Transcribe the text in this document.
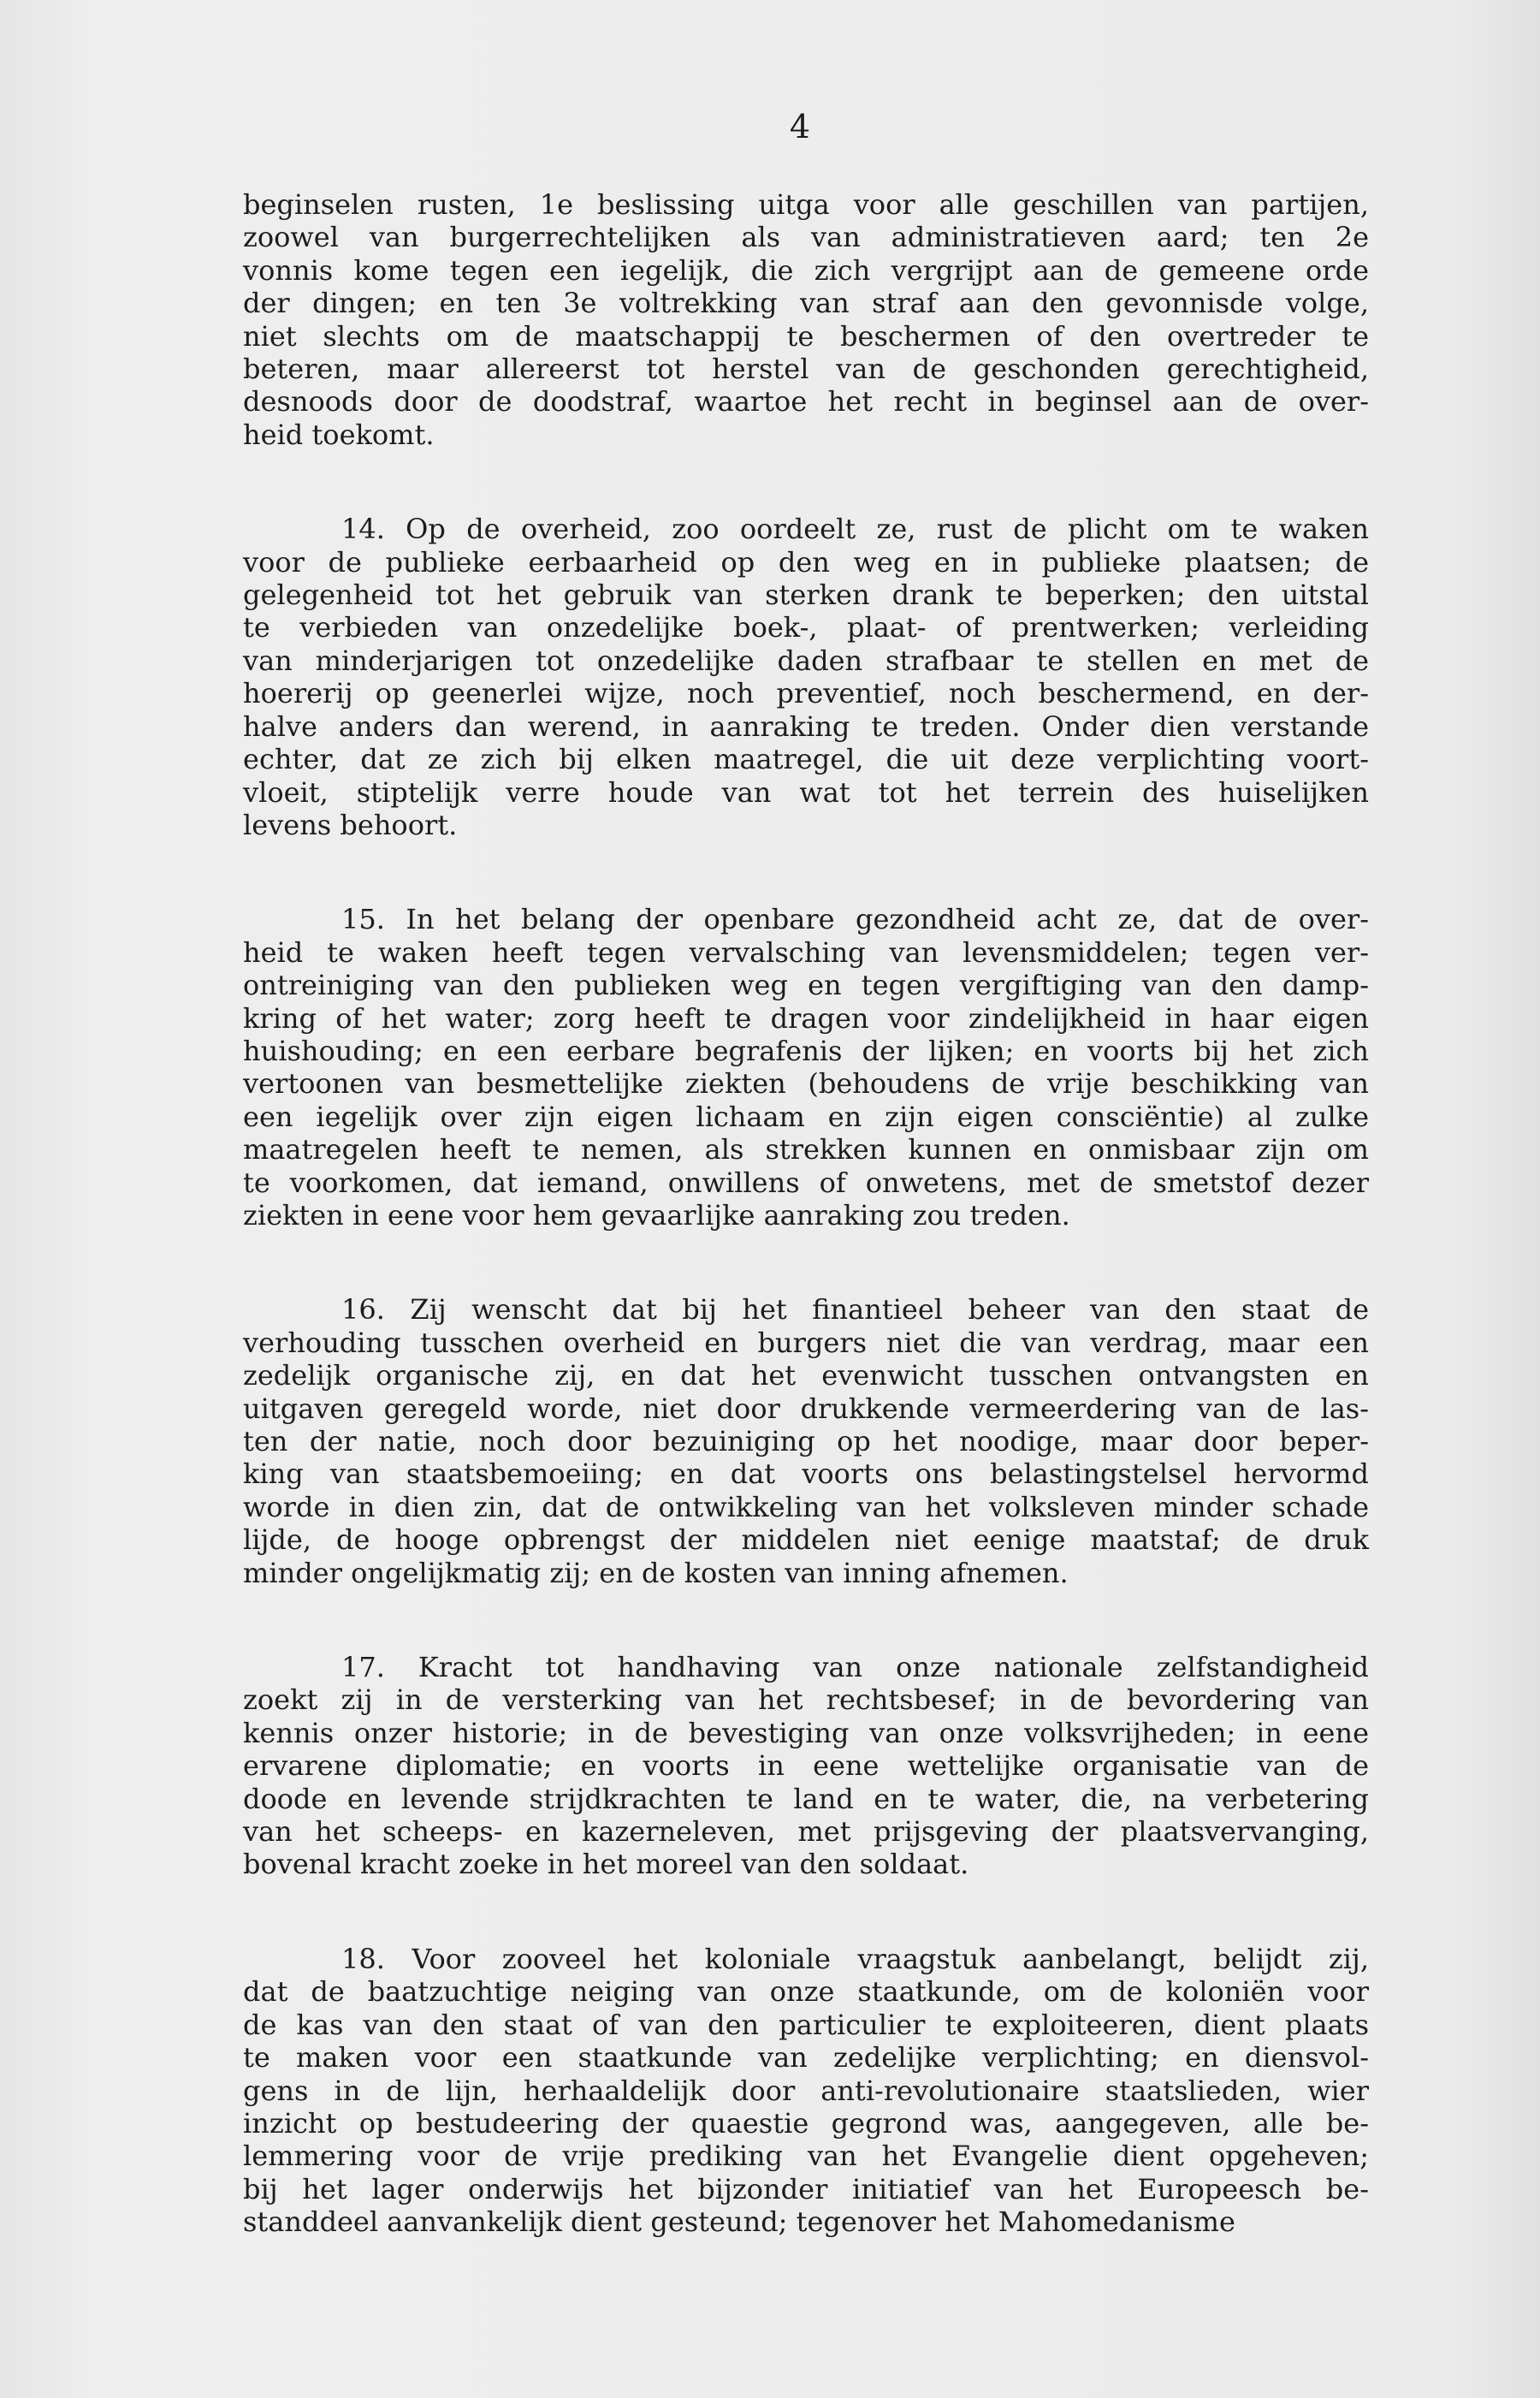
4

beginselen rusten, 1e beslissing uitga voor alle geschillen van partijen,
zoowel van burgerrechtelijken als van administratieven aard; ten 2e
vonnis kome tegen een iegelijk, die zich vergrijpt aan de gemeene orde
der dingen; en ten 3e voltrekking van straf aan den gevonnisde volge,
niet slechts om de maatschappij te beschermen of den overtreder te
beteren, maar allereerst tot herstel van de geschonden gerechtigheid,
desnoods door de doodstraf, waartoe het recht in beginsel aan de over-
heid toekomt.

14. Op de overheid, zoo oordeelt ze, rust de plicht om te waken
voor de publieke eerbaarheid op den weg en in publieke plaatsen; de
gelegenheid tot het gebruik van sterken drank te beperken; den uitstal
te verbieden van onzedelijke boek-, plaat- of prentwerken; verleiding
van minderjarigen tot onzedelijke daden strafbaar te stellen en met de
hoererij op geenerlei wijze, noch preventief, noch beschermend, en der-
halve anders dan werend, in aanraking te treden. Onder dien verstande
echter, dat ze zich bij elken maatregel, die uit deze verplichting voort-
vloeit, stiptelijk verre houde van wat tot het terrein des huiselijken
levens behoort.

15. In het belang der openbare gezondheid acht ze, dat de over-
heid te waken heeft tegen vervalsching van levensmiddelen; tegen ver-
ontreiniging van den publieken weg en tegen vergiftiging van den damp-
kring of het water; zorg heeft te dragen voor zindelijkheid in haar eigen
huishouding; en een eerbare begrafenis der lijken; en voorts bij het zich
vertoonen van besmettelijke ziekten (behoudens de vrije beschikking van
een iegelijk over zijn eigen lichaam en zijn eigen consciëntie) al zulke
maatregelen heeft te nemen, als strekken kunnen en onmisbaar zijn om
te voorkomen, dat iemand, onwillens of onwetens, met de smetstof dezer
ziekten in eene voor hem gevaarlijke aanraking zou treden.

16. Zij wenscht dat bij het finantieel beheer van den staat de
verhouding tusschen overheid en burgers niet die van verdrag, maar een
zedelijk organische zij, en dat het evenwicht tusschen ontvangsten en
uitgaven geregeld worde, niet door drukkende vermeerdering van de las-
ten der natie, noch door bezuiniging op het noodige, maar door beper-
king van staatsbemoeiing; en dat voorts ons belastingstelsel hervormd
worde in dien zin, dat de ontwikkeling van het volksleven minder schade
lijde, de hooge opbrengst der middelen niet eenige maatstaf; de druk
minder ongelijkmatig zij; en de kosten van inning afnemen.

17. Kracht tot handhaving van onze nationale zelfstandigheid
zoekt zij in de versterking van het rechtsbesef; in de bevordering van
kennis onzer historie; in de bevestiging van onze volksvrijheden; in eene
ervarene diplomatie; en voorts in eene wettelijke organisatie van de
doode en levende strijdkrachten te land en te water, die, na verbetering
van het scheeps- en kazerneleven, met prijsgeving der plaatsvervanging,
bovenal kracht zoeke in het moreel van den soldaat.

18. Voor zooveel het koloniale vraagstuk aanbelangt, belijdt zij,
dat de baatzuchtige neiging van onze staatkunde, om de koloniën voor
de kas van den staat of van den particulier te exploiteeren, dient plaats
te maken voor een staatkunde van zedelijke verplichting; en diensvol-
gens in de lijn, herhaaldelijk door anti-revolutionaire staatslieden, wier
inzicht op bestudeering der quaestie gegrond was, aangegeven, alle be-
lemmering voor de vrije prediking van het Evangelie dient opgeheven;
bij het lager onderwijs het bijzonder initiatief van het Europeesch be-
standdeel aanvankelijk dient gesteund; tegenover het Mahomedanisme
